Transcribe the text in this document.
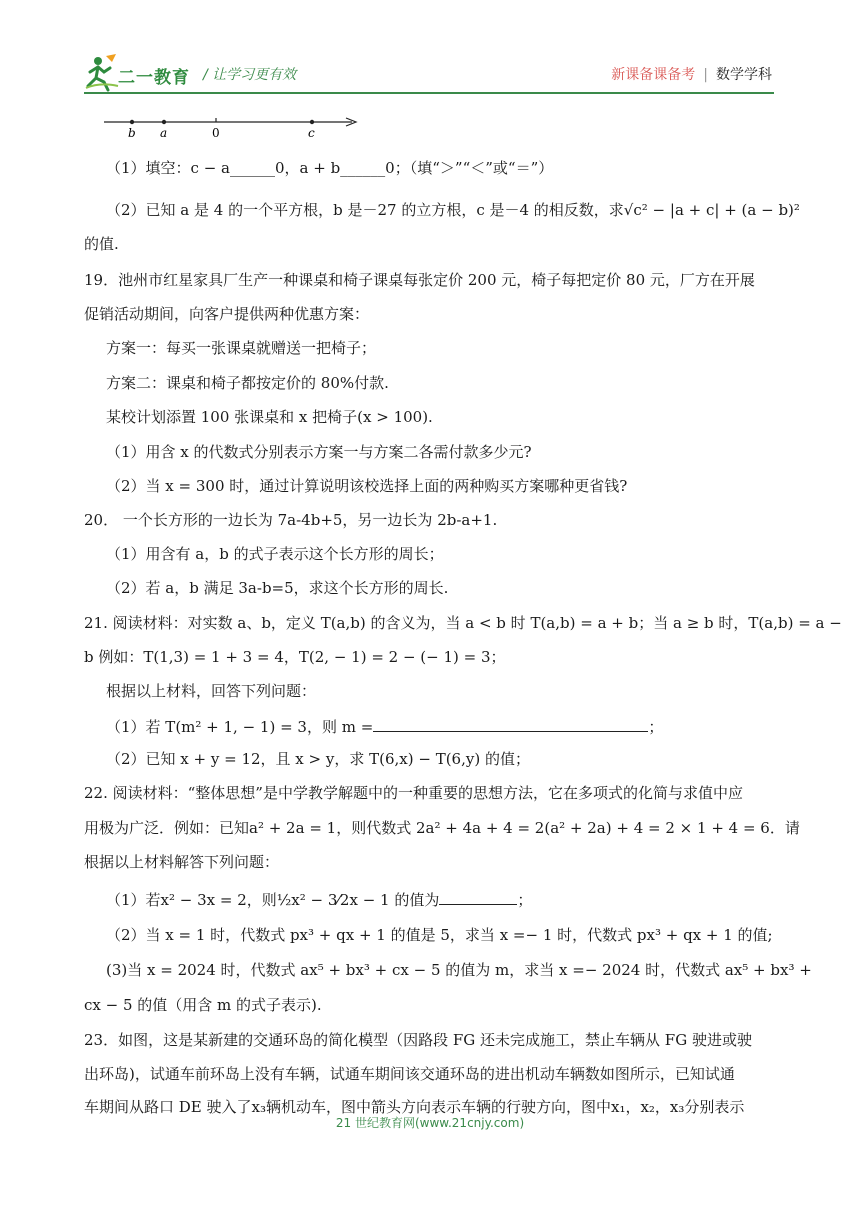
二一教育 / 让学习更有效	新课备课备考 | 数学学科
b a	0	c
（1）填空：c − a______0，a + b______0；（填“＞”“＜”或“＝”）
（2）已知 a 是 4 的一个平方根，b 是－27 的立方根，c 是－4 的相反数，求√c² − |a + c| + (a − b)²
的值.
19．池州市红星家具厂生产一种课桌和椅子课桌每张定价 200 元，椅子每把定价 80 元，厂方在开展
促销活动期间，向客户提供两种优惠方案：
方案一：每买一张课桌就赠送一把椅子；
方案二：课桌和椅子都按定价的 80%付款.
某校计划添置 100 张课桌和 x 把椅子(x > 100).
（1）用含 x 的代数式分别表示方案一与方案二各需付款多少元?
（2）当 x = 300 时，通过计算说明该校选择上面的两种购买方案哪种更省钱?
20． 一个长方形的一边长为 7a-4b+5，另一边长为 2b-a+1.
（1）用含有 a，b 的式子表示这个长方形的周长；
（2）若 a，b 满足 3a-b=5，求这个长方形的周长.
21. 阅读材料：对实数 a、b，定义 T(a,b) 的含义为，当 a < b 时 T(a,b) = a + b；当 a ≥ b 时，T(a,b) = a −
b 例如：T(1,3) = 1 + 3 = 4，T(2, − 1) = 2 − (− 1) = 3；
根据以上材料，回答下列问题：
（1）若 T(m² + 1, − 1) = 3，则 m =	；
（2）已知 x + y = 12，且 x > y，求 T(6,x) − T(6,y) 的值；
22. 阅读材料：“整体思想”是中学教学解题中的一种重要的思想方法，它在多项式的化简与求值中应
用极为广泛．例如：已知a² + 2a = 1，则代数式 2a² + 4a + 4 = 2(a² + 2a) + 4 = 2 × 1 + 4 = 6．请
根据以上材料解答下列问题：
（1）若x² − 3x = 2，则½x² − 3⁄2x − 1 的值为	；
（2）当 x = 1 时，代数式 px³ + qx + 1 的值是 5，求当 x =− 1 时，代数式 px³ + qx + 1 的值;
(3)当 x = 2024 时，代数式 ax⁵ + bx³ + cx − 5 的值为 m，求当 x =− 2024 时，代数式 ax⁵ + bx³ +
cx − 5 的值（用含 m 的式子表示).
23．如图，这是某新建的交通环岛的简化模型（因路段 FG 还未完成施工，禁止车辆从 FG 驶进或驶
出环岛)，试通车前环岛上没有车辆，试通车期间该交通环岛的进出机动车辆数如图所示，已知试通
车期间从路口 DE 驶入了x₃辆机动车，图中箭头方向表示车辆的行驶方向，图中x₁，x₂，x₃分别表示
21 世纪教育网(www.21cnjy.com)
